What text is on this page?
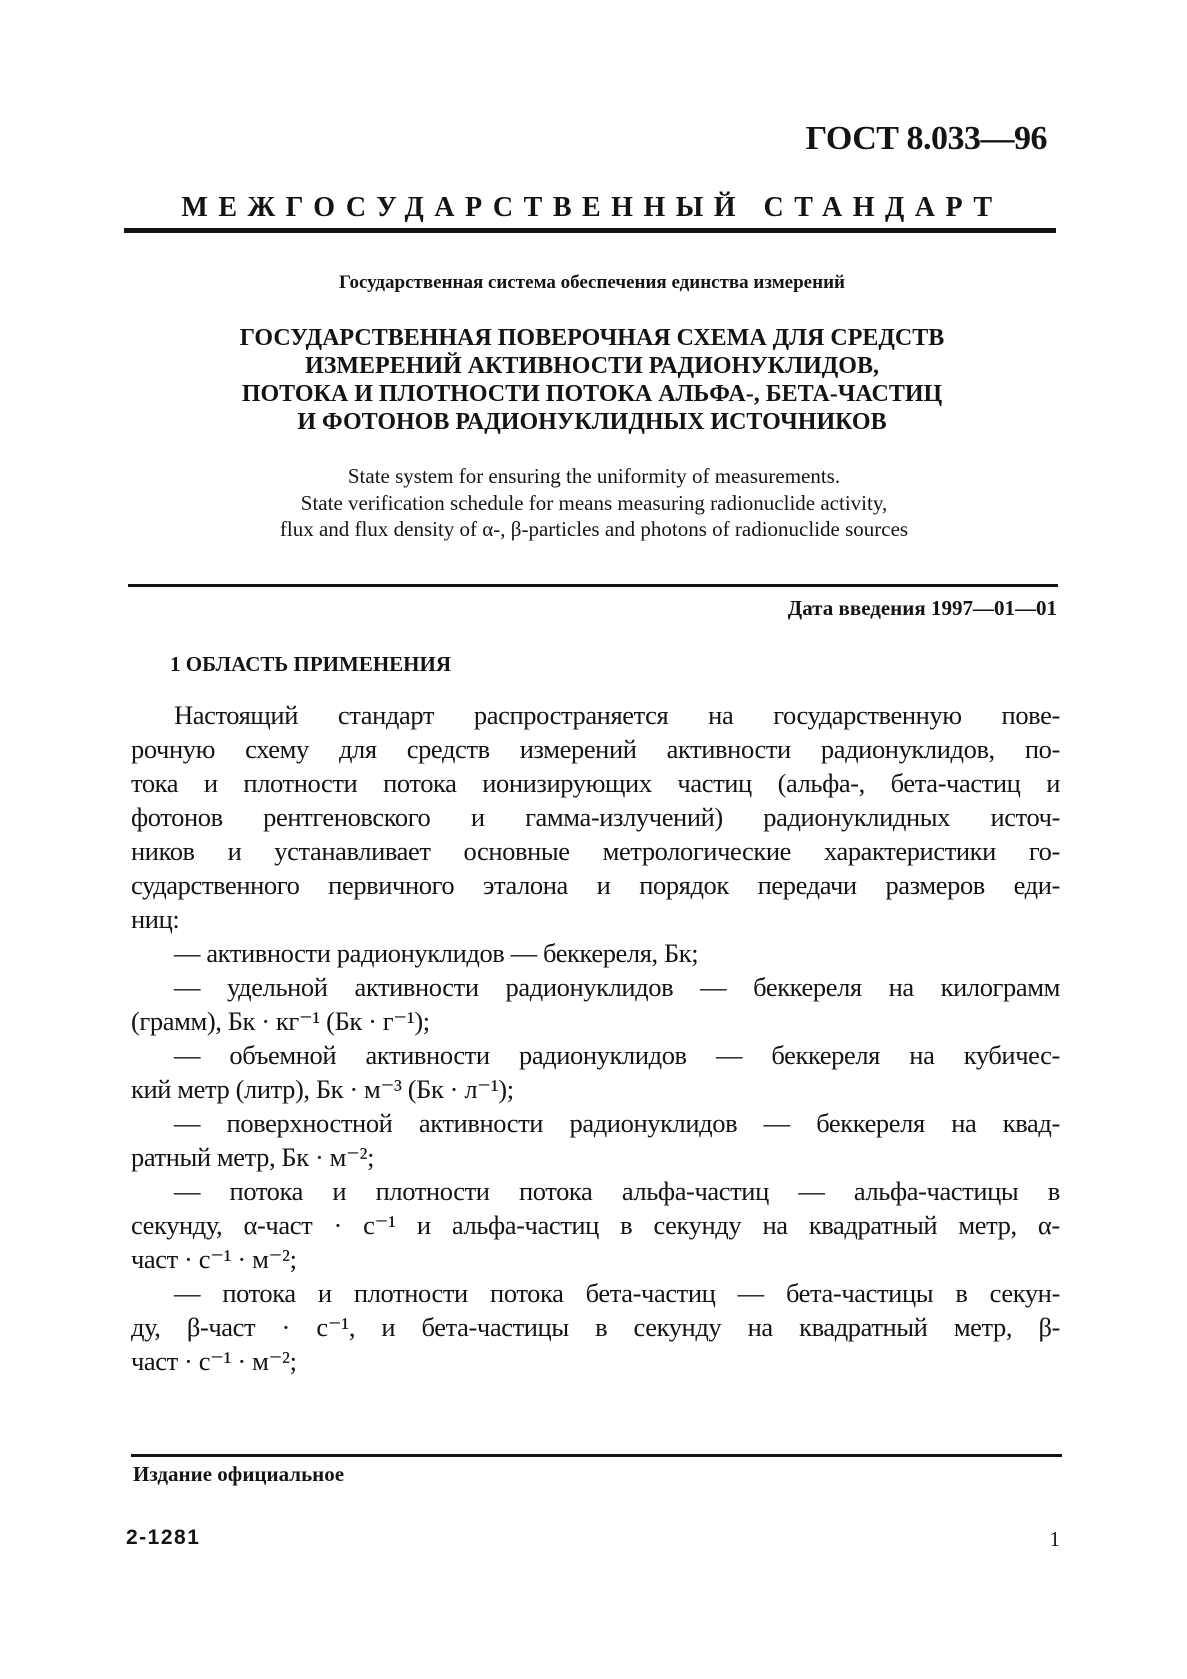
ГОСТ 8.033—96
МЕЖГОСУДАРСТВЕННЫЙ СТАНДАРТ
Государственная система обеспечения единства измерений
ГОСУДАРСТВЕННАЯ ПОВЕРОЧНАЯ СХЕМА ДЛЯ СРЕДСТВ
ИЗМЕРЕНИЙ АКТИВНОСТИ РАДИОНУКЛИДОВ,
ПОТОКА И ПЛОТНОСТИ ПОТОКА АЛЬФА-, БЕТА-ЧАСТИЦ
И ФОТОНОВ РАДИОНУКЛИДНЫХ ИСТОЧНИКОВ
State system for ensuring the uniformity of measurements.
State verification schedule for means measuring radionuclide activity,
flux and flux density of α-, β-particles and photons of radionuclide sources
Дата введения 1997—01—01
1 ОБЛАСТЬ ПРИМЕНЕНИЯ
Настоящий стандарт распространяется на государственную пове-
рочную схему для средств измерений активности радионуклидов, по-
тока и плотности потока ионизирующих частиц (альфа-, бета-частиц и
фотонов рентгеновского и гамма-излучений) радионуклидных источ-
ников и устанавливает основные метрологические характеристики го-
сударственного первичного эталона и порядок передачи размеров еди-
ниц:
— активности радионуклидов — беккереля, Бк;
— удельной активности радионуклидов — беккереля на килограмм
(грамм), Бк · кг⁻¹ (Бк · г⁻¹);
— объемной активности радионуклидов — беккереля на кубичес-
кий метр (литр), Бк · м⁻³ (Бк · л⁻¹);
— поверхностной активности радионуклидов — беккереля на квад-
ратный метр, Бк · м⁻²;
— потока и плотности потока альфа-частиц — альфа-частицы в
секунду, α-част · с⁻¹ и альфа-частиц в секунду на квадратный метр, α-
част · с⁻¹ · м⁻²;
— потока и плотности потока бета-частиц — бета-частицы в секун-
ду, β-част · с⁻¹, и бета-частицы в секунду на квадратный метр, β-
част · с⁻¹ · м⁻²;
Издание официальное
2-1281	1
